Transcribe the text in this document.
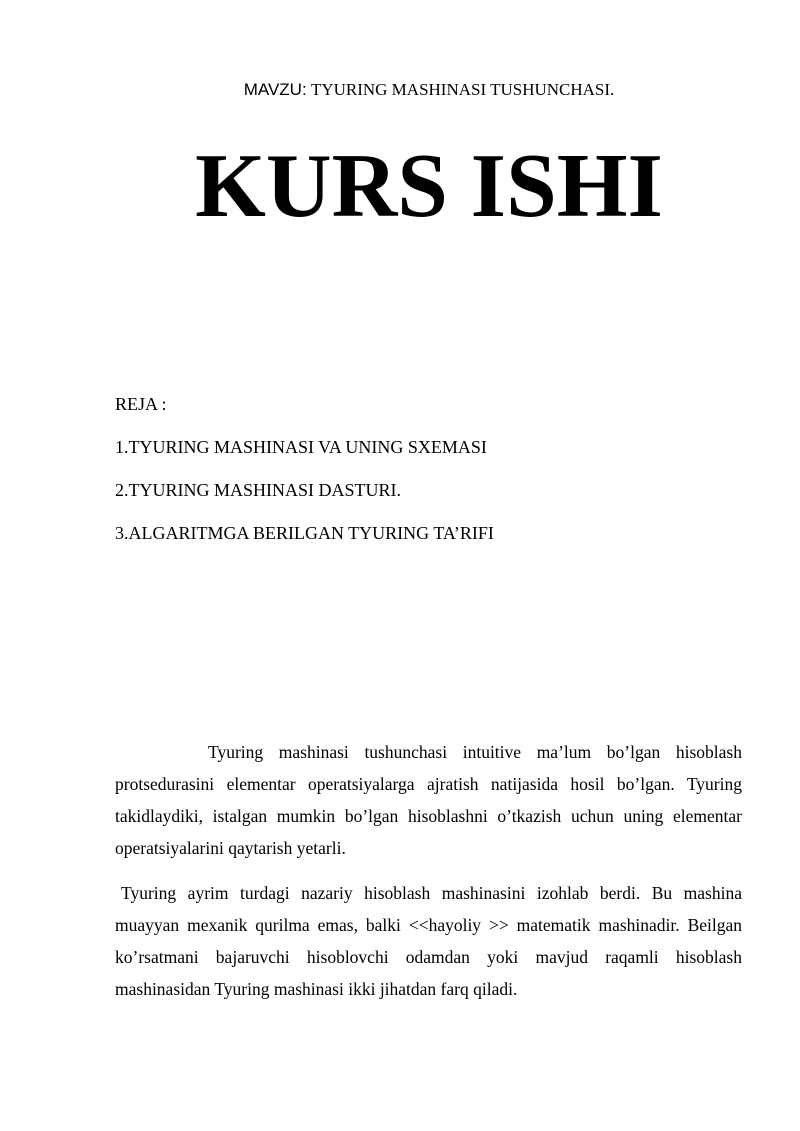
MAVZU: TYURING MASHINASI TUSHUNCHASI.
KURS ISHI
REJA :
1.TYURING MASHINASI VA UNING SXEMASI
2.TYURING MASHINASI DASTURI.
3.ALGARITMGA BERILGAN TYURING TA’RIFI

Tyuring mashinasi tushunchasi intuitive ma’lum bo’lgan hisoblash protsedurasini elementar operatsiyalarga ajratish natijasida hosil bo’lgan. Tyuring takidlaydiki, istalgan mumkin bo’lgan hisoblashni o’tkazish uchun uning elementar operatsiyalarini qaytarish yetarli.

Tyuring ayrim turdagi nazariy hisoblash mashinasini izohlab berdi. Bu mashina muayyan mexanik qurilma emas, balki <<hayoliy >> matematik mashinadir. Beilgan ko’rsatmani bajaruvchi hisoblovchi odamdan yoki mavjud raqamli hisoblash mashinasidan Tyuring mashinasi ikki jihatdan farq qiladi.
